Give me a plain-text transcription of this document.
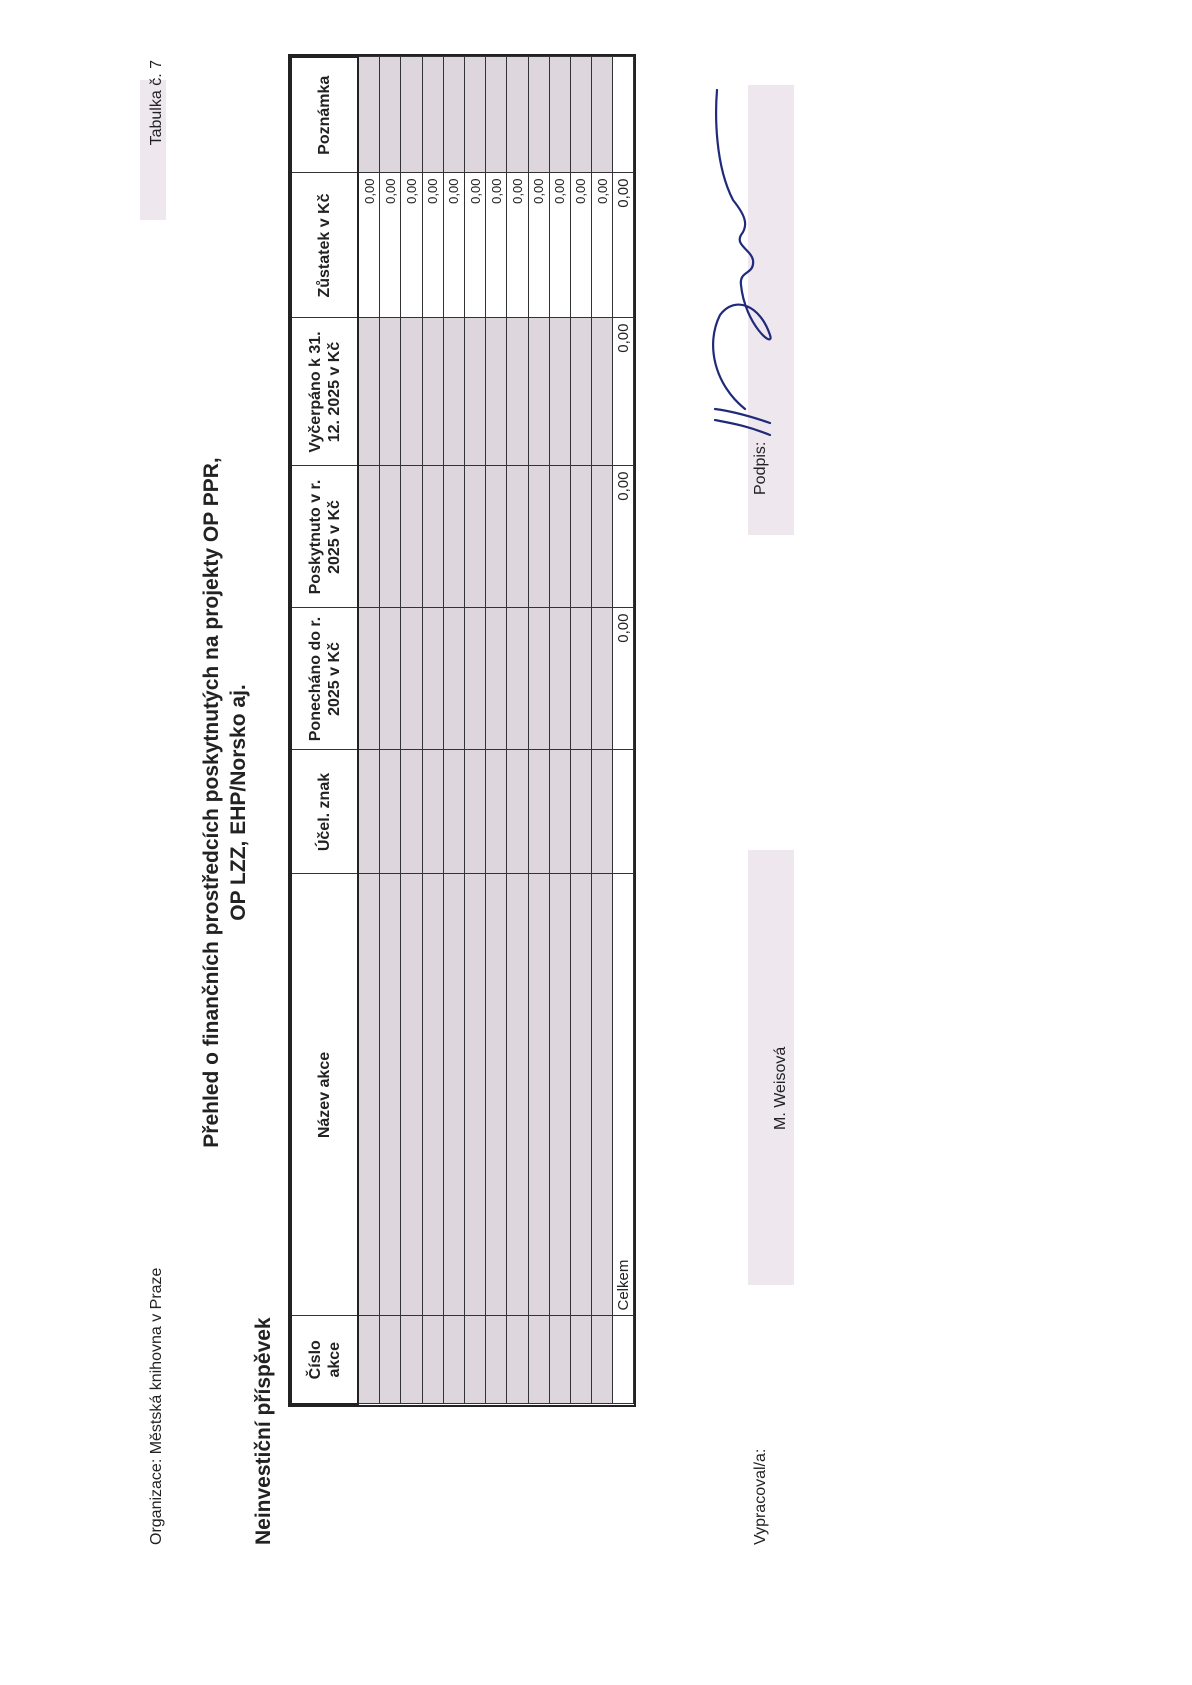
Organizace: Městská knihovna v Praze
Tabulka č. 7
Přehled o finančních prostředcích poskytnutých na projekty OP PPR, OP LZZ, EHP/Norsko aj.
Neinvestiční příspěvek Číslo akce	Název akce	Účel. znak	Ponecháno do r. 2025 v Kč	Poskytnuto v r. 2025 v Kč	Vyčerpáno k 31. 12. 2025 v Kč	Zůstatek v Kč	Poznámka
						0,00	
						0,00	
						0,00	
						0,00	
						0,00	
						0,00	
						0,00	
						0,00	
						0,00	
						0,00	
						0,00	
						0,00	
	Celkem		0,00	0,00	0,00	0,00	
Vypracoval/a:
M. Weisová
Podpis:
